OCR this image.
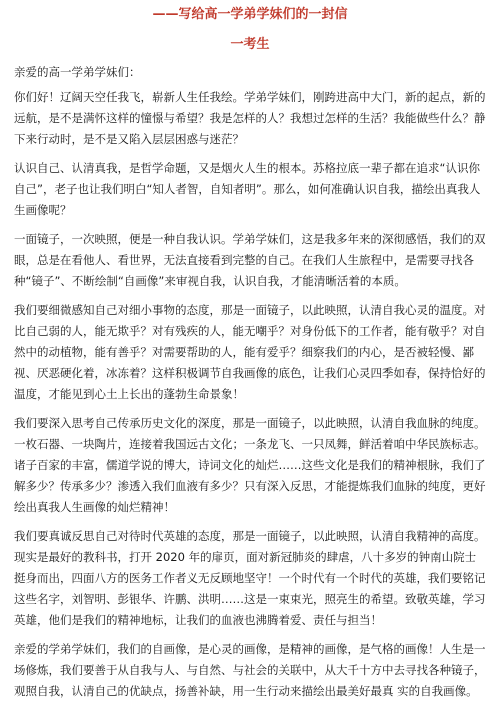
——写给高一学弟学妹们的一封信

一考生

亲爱的高一学弟学妹们：

你们好！辽阔天空任我飞，崭新人生任我绘。学弟学妹们，刚跨进高中大门，新的起点，新的远航，是不是满怀这样的憧憬与希望？我是怎样的人？我想过怎样的生活？我能做些什么？静下来行动时，是不是又陷入层层困惑与迷茫？

认识自己、认清真我，是哲学命题，又是烟火人生的根本。苏格拉底一辈子都在追求“认识你自己”，老子也让我们明白“知人者智，自知者明”。那么，如何准确认识自我，描绘出真我人生画像呢？

一面镜子，一次映照，便是一种自我认识。学弟学妹们，这是我多年来的深彻感悟，我们的双眼，总是在看他人、看世界，无法直接看到完整的自己。在我们人生旅程中，是需要寻找各种“镜子”、不断绘制“自画像”来审视自我，认识自我，才能清晰活着的本质。

我们要细微感知自己对细小事物的态度，那是一面镜子，以此映照，认清自我心灵的温度。对比自己弱的人，能无欺乎？对有残疾的人，能无嘲乎？对身份低下的工作者，能有敬乎？对自然中的动植物，能有善乎？对需要帮助的人，能有爱乎？细察我们的内心，是否被轻慢、鄙视、厌恶硬化着，冰冻着？这样积极调节自我画像的底色，让我们心灵四季如春，保持恰好的温度，才能见到心土上长出的蓬勃生命景象！

我们要深入思考自己传承历史文化的深度，那是一面镜子，以此映照，认清自我血脉的纯度。一枚石器、一块陶片，连接着我国远古文化；一条龙飞、一只凤舞，鲜活着咱中华民族标志。诸子百家的丰富，儒道学说的博大，诗词文化的灿烂……这些文化是我们的精神根脉，我们了解多少？传承多少？渗透入我们血液有多少？只有深入反思，才能提炼我们血脉的纯度，更好绘出真我人生画像的灿烂精神！

我们要真诚反思自己对待时代英雄的态度，那是一面镜子，以此映照，认清自我精神的高度。现实是最好的教科书，打开 2020 年的扉页，面对新冠肺炎的肆虐，八十多岁的钟南山院士挺身而出，四面八方的医务工作者义无反顾地坚守！一个时代有一个时代的英雄，我们要铭记这些名字，刘智明、彭银华、许鹏、洪明……这是一束束光，照亮生的希望。致敬英雄，学习英雄，他们是我们的精神地标，让我们的血液也沸腾着爱、责任与担当！

亲爱的学弟学妹们，我们的自画像，是心灵的画像，是精神的画像，是气格的画像！人生是一场修炼，我们要善于从自我与人、与自然、与社会的关联中，从大千十方中去寻找各种镜子，观照自我，认清自己的优缺点，扬善补缺，用一生行动来描绘出最美好最真 实的自我画像。
